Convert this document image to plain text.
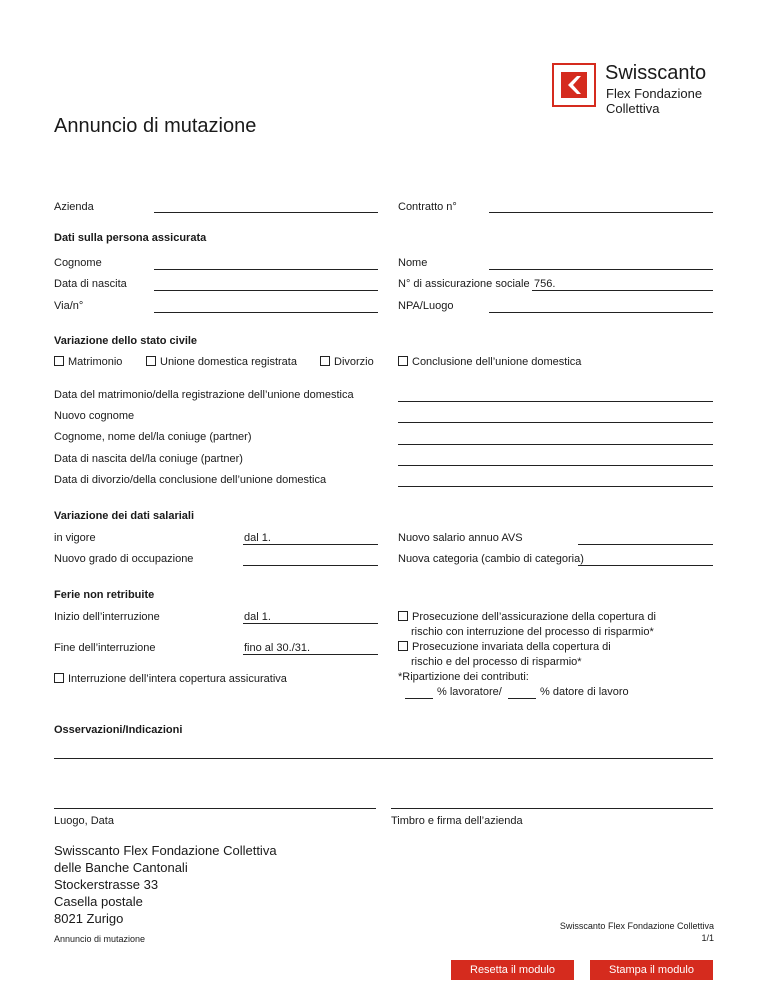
Swisscanto
Flex Fondazione
Collettiva
Annuncio di mutazione
Azienda	Contratto n°
Dati sulla persona assicurata
Cognome	Nome
Data di nascita	N° di assicurazione sociale 756.
Via/n°	NPA/Luogo
Variazione dello stato civile
Matrimonio	Unione domestica registrata	Divorzio	Conclusione dell’unione domestica
Data del matrimonio/della registrazione dell’unione domestica
Nuovo cognome
Cognome, nome del/la coniuge (partner)
Data di nascita del/la coniuge (partner)
Data di divorzio/della conclusione dell’unione domestica
Variazione dei dati salariali
in vigore	dal 1.	Nuovo salario annuo AVS
Nuovo grado di occupazione	Nuova categoria (cambio di categoria)
Ferie non retribuite
Inizio dell’interruzione	dal 1.
Fine dell’interruzione	fino al 30./31.
Interruzione dell’intera copertura assicurativa
Prosecuzione dell’assicurazione della copertura di
rischio con interruzione del processo di risparmio*
Prosecuzione invariata della copertura di
rischio e del processo di risparmio*
*Ripartizione dei contributi:
% lavoratore/	% datore di lavoro
Osservazioni/Indicazioni
Luogo, Data	Timbro e firma dell’azienda
Swisscanto Flex Fondazione Collettiva
delle Banche Cantonali
Stockerstrasse 33
Casella postale
8021 Zurigo
Annuncio di mutazione
Swisscanto Flex Fondazione Collettiva
1/1
Resetta il modulo	Stampa il modulo
